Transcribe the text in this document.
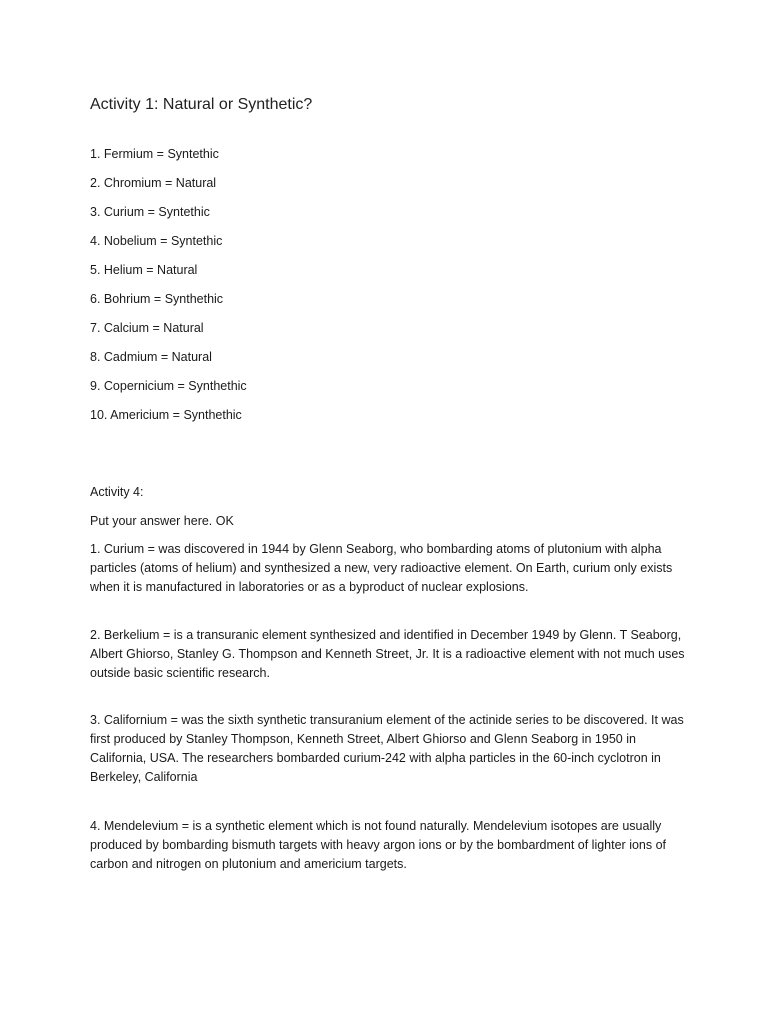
Activity 1: Natural or Synthetic?
1. Fermium = Syntethic
2. Chromium = Natural
3. Curium = Syntethic
4. Nobelium = Syntethic
5. Helium = Natural
6. Bohrium = Synthethic
7. Calcium = Natural
8. Cadmium = Natural
9. Copernicium = Synthethic
10. Americium = Synthethic
Activity 4:
Put your answer here. OK

1. Curium = was discovered in 1944 by Glenn Seaborg, who bombarding atoms of plutonium with alpha particles (atoms of helium) and synthesized a new, very radioactive element. On Earth, curium only exists when it is manufactured in laboratories or as a byproduct of nuclear explosions.

2. Berkelium = is a transuranic element synthesized and identified in December 1949 by Glenn. T Seaborg, Albert Ghiorso, Stanley G. Thompson and Kenneth Street, Jr. It is a radioactive element with not much uses outside basic scientific research.

3. Californium = was the sixth synthetic transuranium element of the actinide series to be discovered. It was first produced by Stanley Thompson, Kenneth Street, Albert Ghiorso and Glenn Seaborg in 1950 in California, USA. The researchers bombarded curium-242 with alpha particles in the 60-inch cyclotron in Berkeley, California

4. Mendelevium = is a synthetic element which is not found naturally. Mendelevium isotopes are usually produced by bombarding bismuth targets with heavy argon ions or by the bombardment of lighter ions of carbon and nitrogen on plutonium and americium targets.
